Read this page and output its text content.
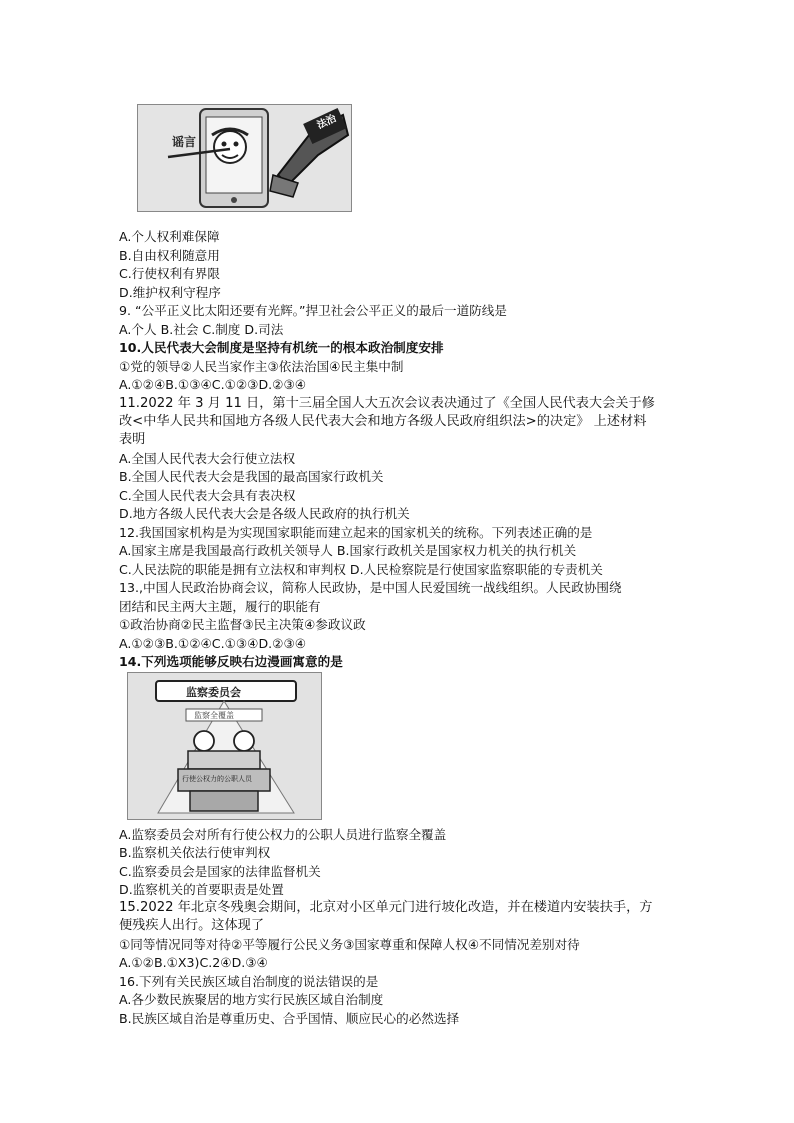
谣言
法治
A.个人权利难保障
B.自由权利随意用
C.行使权利有界限
D.维护权利守程序
9. “公平正义比太阳还要有光辉。”捍卫社会公平正义的最后一道防线是
A.个人 B.社会 C.制度 D.司法
10.人民代表大会制度是坚持有机统一的根本政治制度安排
①党的领导②人民当家作主③依法治国④民主集中制
A.①②④B.①③④C.①②③D.②③④
11.2022 年 3 月 11 日，第十三届全国人大五次会议表决通过了《全国人民代表大会关于修
改<中华人民共和国地方各级人民代表大会和地方各级人民政府组织法>的决定》 上述材料
表明
A.全国人民代表大会行使立法权
B.全国人民代表大会是我国的最高国家行政机关
C.全国人民代表大会具有表决权
D.地方各级人民代表大会是各级人民政府的执行机关
12.我国国家机构是为实现国家职能而建立起来的国家机关的统称。下列表述正确的是
A.国家主席是我国最高行政机关领导人 B.国家行政机关是国家权力机关的执行机关
C.人民法院的职能是拥有立法权和审判权 D.人民检察院是行使国家监察职能的专责机关
13.,中国人民政治协商会议，简称人民政协，是中国人民爱国统一战线组织。人民政协围绕
团结和民主两大主题，履行的职能有
①政治协商②民主监督③民主决策④参政议政
A.①②③B.①②④C.①③④D.②③④
14.下列选项能够反映右边漫画寓意的是
监察委员会
监察全覆盖
行使公权力的公职人员
A.监察委员会对所有行使公权力的公职人员进行监察全覆盖
B.监察机关依法行使审判权
C.监察委员会是国家的法律监督机关
D.监察机关的首要职责是处置
15.2022 年北京冬残奥会期间，北京对小区单元门进行坡化改造，并在楼道内安装扶手，方
便残疾人出行。这体现了
①同等情况同等对待②平等履行公民义务③国家尊重和保障人权④不同情况差别对待
A.①②B.①X3)C.2④D.③④
16.下列有关民族区域自治制度的说法错误的是
A.各少数民族聚居的地方实行民族区域自治制度
B.民族区域自治是尊重历史、合乎国情、顺应民心的必然选择
